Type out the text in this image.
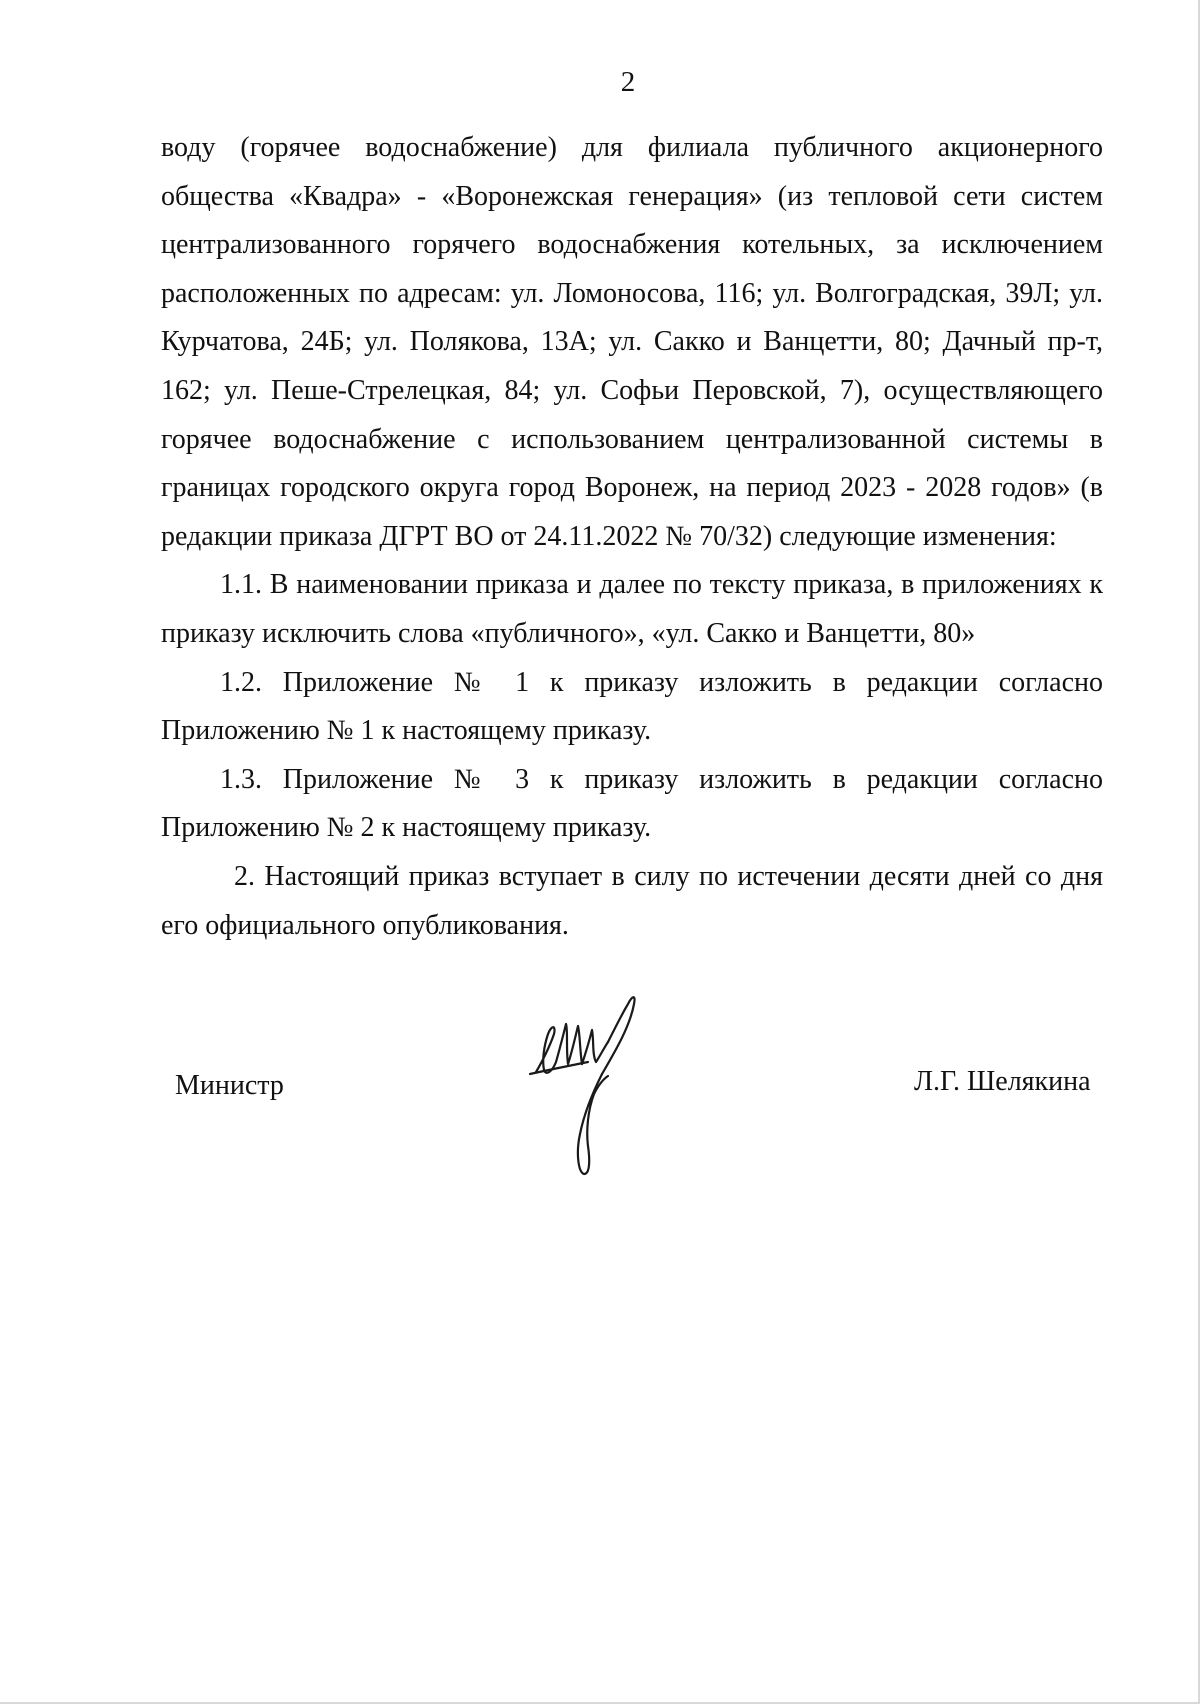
2

воду (горячее водоснабжение) для филиала публичного акционерного общества «Квадра» - «Воронежская генерация» (из тепловой сети систем централизованного горячего водоснабжения котельных, за исключением расположенных по адресам: ул. Ломоносова, 116; ул. Волгоградская, 39Л; ул. Курчатова, 24Б; ул. Полякова, 13А; ул. Сакко и Ванцетти, 80; Дачный пр-т, 162; ул. Пеше-Стрелецкая, 84; ул. Софьи Перовской, 7), осуществляющего горячее водоснабжение с использованием централизованной системы в границах городского округа город Воронеж, на период 2023 - 2028 годов» (в редакции приказа ДГРТ ВО от 24.11.2022 № 70/32) следующие изменения:

1.1. В наименовании приказа и далее по тексту приказа, в приложениях к приказу исключить слова «публичного», «ул. Сакко и Ванцетти, 80»

1.2. Приложение № 1 к приказу изложить в редакции согласно Приложению № 1 к настоящему приказу.

1.3. Приложение № 3 к приказу изложить в редакции согласно Приложению № 2 к настоящему приказу.

2. Настоящий приказ вступает в силу по истечении десяти дней со дня его официального опубликования.

Министр	Л.Г. Шелякина
